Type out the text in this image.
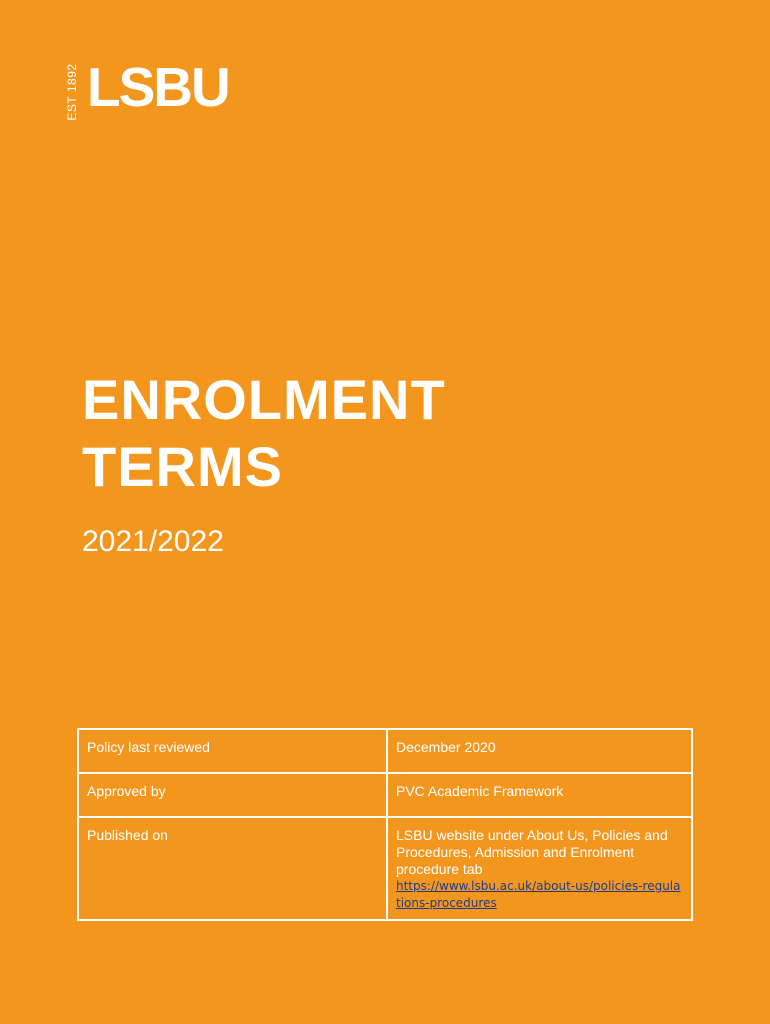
EST 1892 LSBU
ENROLMENT
TERMS
2021/2022
Policy last reviewed	December 2020
Approved by	PVC Academic Framework
Published on	LSBU website under About Us, Policies and Procedures, Admission and Enrolment procedure tab
https://www.lsbu.ac.uk/about-us/policies-regulations-procedures
